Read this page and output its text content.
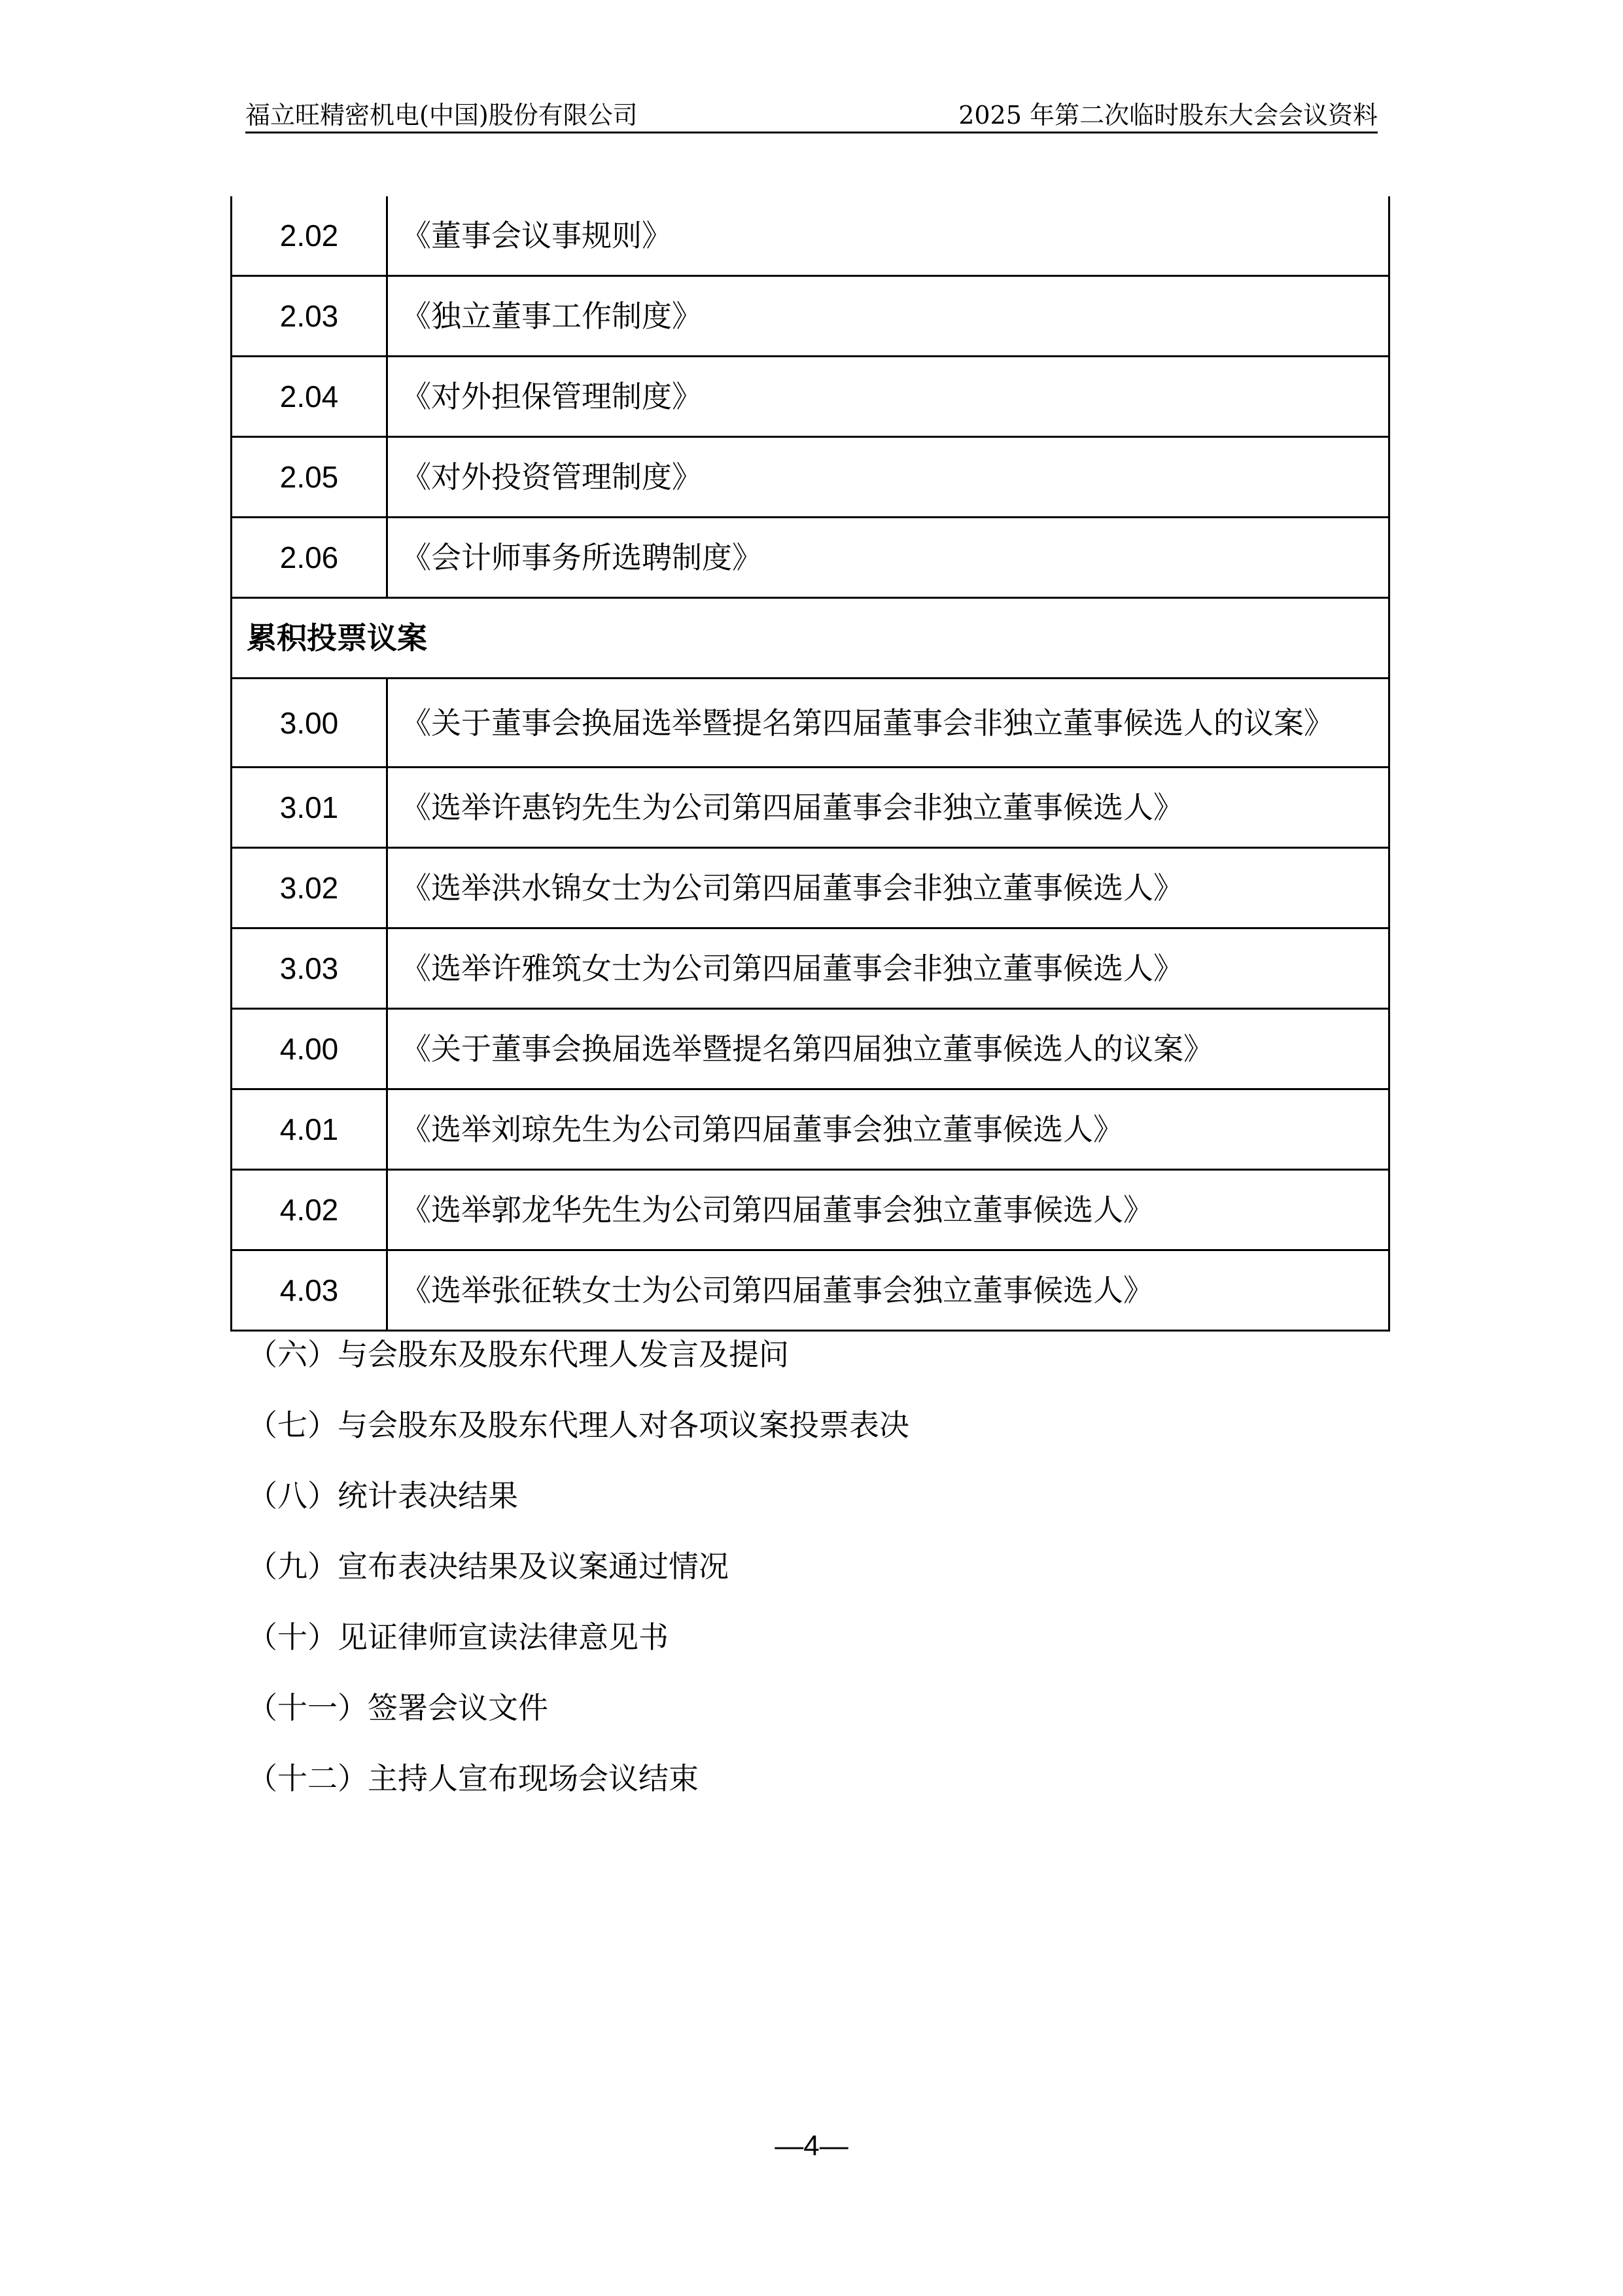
福立旺精密机电(中国)股份有限公司	2025 年第二次临时股东大会会议资料
2.02	《董事会议事规则》
2.03	《独立董事工作制度》
2.04	《对外担保管理制度》
2.05	《对外投资管理制度》
2.06	《会计师事务所选聘制度》
累积投票议案	
3.00	《关于董事会换届选举暨提名第四届董事会非独立董事候选人的议案》
3.01	《选举许惠钧先生为公司第四届董事会非独立董事候选人》
3.02	《选举洪水锦女士为公司第四届董事会非独立董事候选人》
3.03	《选举许雅筑女士为公司第四届董事会非独立董事候选人》
4.00	《关于董事会换届选举暨提名第四届独立董事候选人的议案》
4.01	《选举刘琼先生为公司第四届董事会独立董事候选人》
4.02	《选举郭龙华先生为公司第四届董事会独立董事候选人》
4.03	《选举张征轶女士为公司第四届董事会独立董事候选人》
（六）与会股东及股东代理人发言及提问
（七）与会股东及股东代理人对各项议案投票表决
（八）统计表决结果
（九）宣布表决结果及议案通过情况
（十）见证律师宣读法律意见书
（十一）签署会议文件
（十二）主持人宣布现场会议结束
—4—
